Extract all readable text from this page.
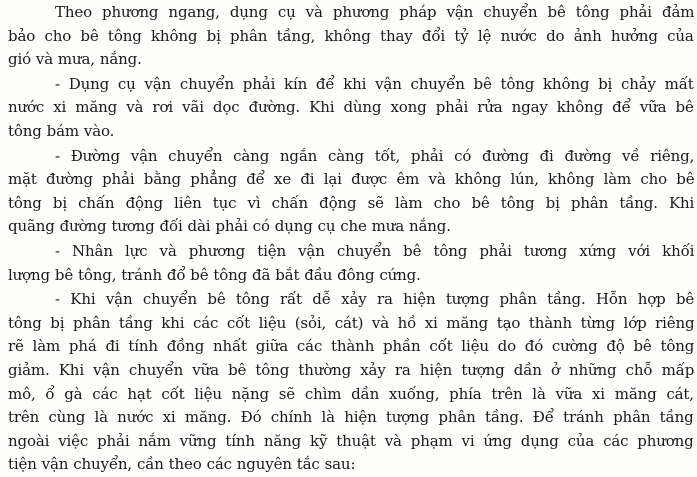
Theo phương ngang, dụng cụ và phương pháp vận chuyển bê tông phải đảm
bảo cho bê tông không bị phân tầng, không thay đổi tỷ lệ nước do ảnh hưởng của
gió và mưa, nắng.

- Dụng cụ vận chuyển phải kín để khi vận chuyển bê tông không bị chảy mất
nước xi măng và rơi vãi dọc đường. Khi dùng xong phải rửa ngay không để vữa bê
tông bám vào.

- Đường vận chuyển càng ngắn càng tốt, phải có đường đi đường về riêng,
mặt đường phải bằng phẳng để xe đi lại được êm và không lún, không làm cho bê
tông bị chấn động liên tục vì chấn động sẽ làm cho bê tông bị phân tầng. Khi
quãng đường tương đối dài phải có dụng cụ che mưa nắng.

- Nhân lực và phương tiện vận chuyển bê tông phải tương xứng với khối
lượng bê tông, tránh đổ bê tông đã bắt đầu đông cứng.

- Khi vận chuyển bê tông rất dễ xảy ra hiện tượng phân tầng. Hỗn hợp bê
tông bị phân tầng khi các cốt liệu (sỏi, cát) và hồ xi măng tạo thành từng lớp riêng
rẽ làm phá đi tính đồng nhất giữa các thành phần cốt liệu do đó cường độ bê tông
giảm. Khi vận chuyển vữa bê tông thường xảy ra hiện tượng dần ở những chỗ mấp
mô, ổ gà các hạt cốt liệu nặng sẽ chìm dần xuống, phía trên là vữa xi măng cát,
trên cùng là nước xi măng. Đó chính là hiện tượng phân tầng. Để tránh phân tầng
ngoài việc phải nắm vững tính năng kỹ thuật và phạm vi ứng dụng của các phương
tiện vận chuyển, cần theo các nguyên tắc sau:
